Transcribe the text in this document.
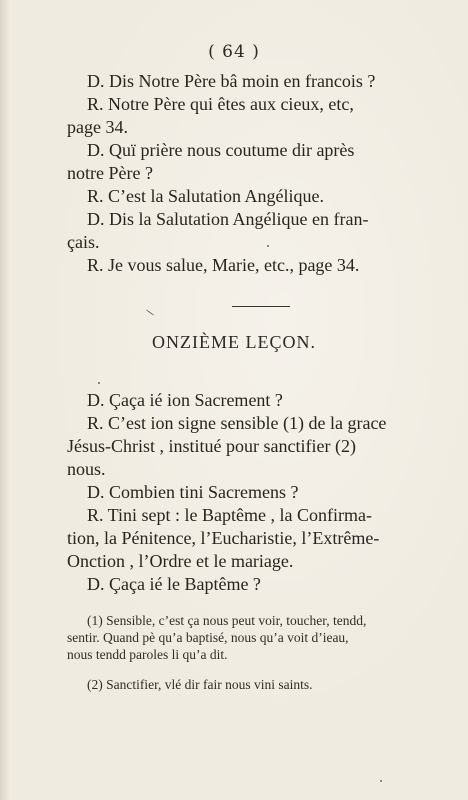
( 64 )
D. Dis Notre Père bâ moin en francois ?
R. Notre Père qui êtes aux cieux, etc,
page 34.
D. Quï prière nous coutume dir après
notre Père ?
R. C’est la Salutation Angélique.
D. Dis la Salutation Angélique en fran-
çais.
R. Je vous salue, Marie, etc., page 34.
ONZIÈME LEÇON.
D. Çaça ié ion Sacrement ?
R. C’est ion signe sensible (1) de la grace
Jésus-Christ , institué pour sanctifier (2)
nous.
D. Combien tini Sacremens ?
R. Tini sept : le Baptême , la Confirma-
tion, la Pénitence, l’Eucharistie, l’Extrême-
Onction , l’Ordre et le mariage.
D. Çaça ié le Baptême ?
(1) Sensible, c’est ça nous peut voir, toucher, tendd,
sentir. Quand pè qu’a baptisé, nous qu’a voit d’ieau,
nous tendd paroles li qu’a dit.
(2) Sanctifier, vlé dir fair nous vini saints.
